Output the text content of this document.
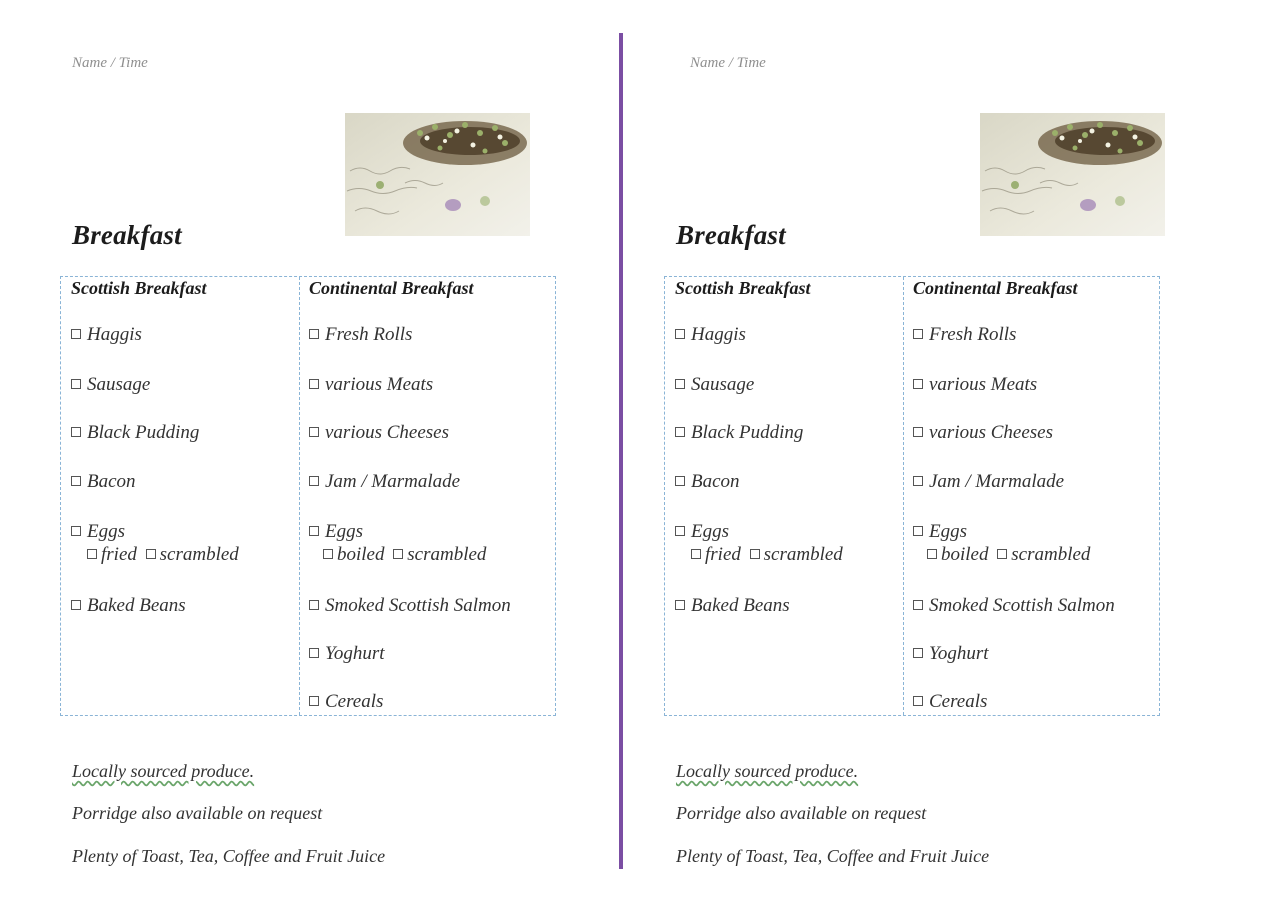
Name / Time
Breakfast
Scottish Breakfast
Haggis
Sausage
Black Pudding
Bacon
Eggs
fried scrambled
Baked Beans
Continental Breakfast
Fresh Rolls
various Meats
various Cheeses
Jam / Marmalade
Eggs
boiled scrambled
Smoked Scottish Salmon
Yoghurt
Cereals
Locally sourced produce.
Porridge also available on request
Plenty of Toast, Tea, Coffee and Fruit Juice
Name / Time
Breakfast
Scottish Breakfast
Haggis
Sausage
Black Pudding
Bacon
Eggs
fried scrambled
Baked Beans
Continental Breakfast
Fresh Rolls
various Meats
various Cheeses
Jam / Marmalade
Eggs
boiled scrambled
Smoked Scottish Salmon
Yoghurt
Cereals
Locally sourced produce.
Porridge also available on request
Plenty of Toast, Tea, Coffee and Fruit Juice
